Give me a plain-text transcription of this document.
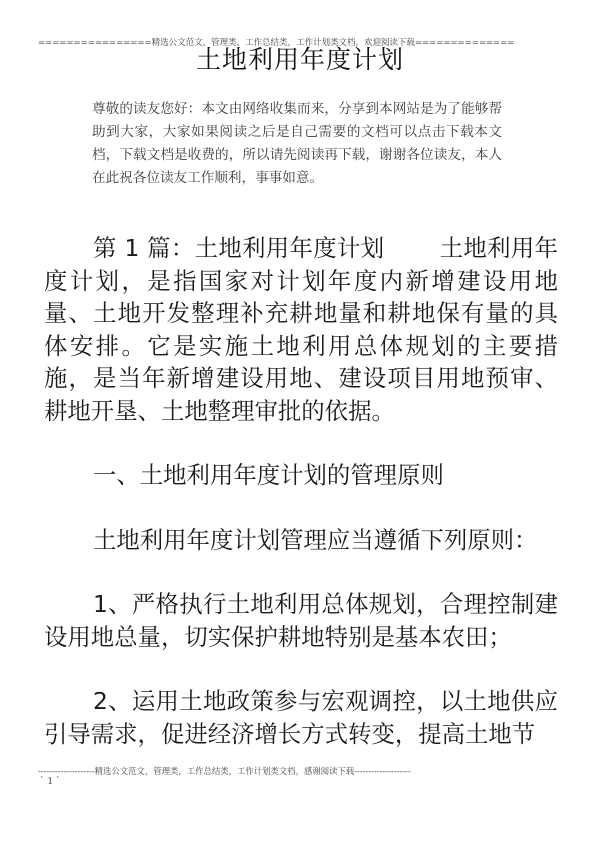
================精选公文范文，管理类，工作总结类，工作计划类文档，欢迎阅读下载==============
土地利用年度计划
尊敬的读友您好：本文由网络收集而来，分享到本网站是为了能够帮助到大家，大家如果阅读之后是自己需要的文档可以点击下载本文档，下载文档是收费的，所以请先阅读再下载，谢谢各位读友，本人在此祝各位读友工作顺利，事事如意。

第 1 篇：土地利用年度计划　　 土地利用年度计划，是指国家对计划年度内新增建设用地量、土地开发整理补充耕地量和耕地保有量的具体安排。它是实施土地利用总体规划的主要措施，是当年新增建设用地、建设项目用地预审、耕地开垦、土地整理审批的依据。

一、土地利用年度计划的管理原则

土地利用年度计划管理应当遵循下列原则：

1、严格执行土地利用总体规划，合理控制建设用地总量，切实保护耕地特别是基本农田；

2、运用土地政策参与宏观调控，以土地供应引导需求，促进经济增长方式转变，提高土地节

--------------------精选公文范文，管理类，工作总结类，工作计划类文档，感谢阅读下载--------------------
` 1 `
